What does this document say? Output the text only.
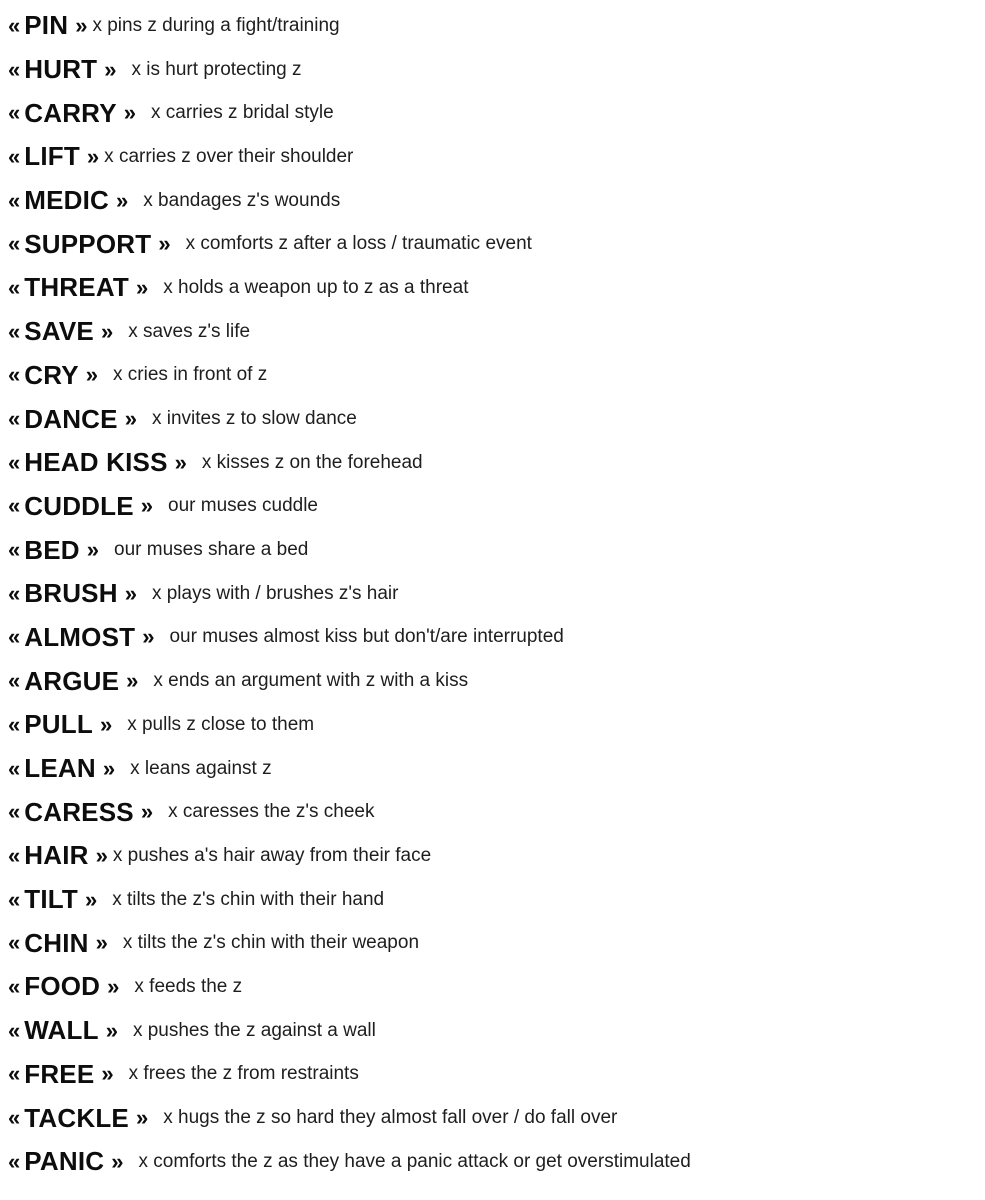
« PIN » x pins z during a fight/training
« HURT » x is hurt protecting z
« CARRY » x carries z bridal style
« LIFT » x carries z over their shoulder
« MEDIC » x bandages z's wounds
« SUPPORT » x comforts z after a loss / traumatic event
« THREAT » x holds a weapon up to z as a threat
« SAVE » x saves z's life
« CRY » x cries in front of z
« DANCE » x invites z to slow dance
« HEAD KISS » x kisses z on the forehead
« CUDDLE » our muses cuddle
« BED » our muses share a bed
« BRUSH » x plays with / brushes z's hair
« ALMOST » our muses almost kiss but don't/are interrupted
« ARGUE » x ends an argument with z with a kiss
« PULL » x pulls z close to them
« LEAN » x leans against z
« CARESS » x caresses the z's cheek
« HAIR » x pushes a's hair away from their face
« TILT » x tilts the z's chin with their hand
« CHIN » x tilts the z's chin with their weapon
« FOOD » x feeds the z
« WALL » x pushes the z against a wall
« FREE » x frees the z from restraints
« TACKLE » x hugs the z so hard they almost fall over / do fall over
« PANIC » x comforts the z as they have a panic attack or get overstimulated
